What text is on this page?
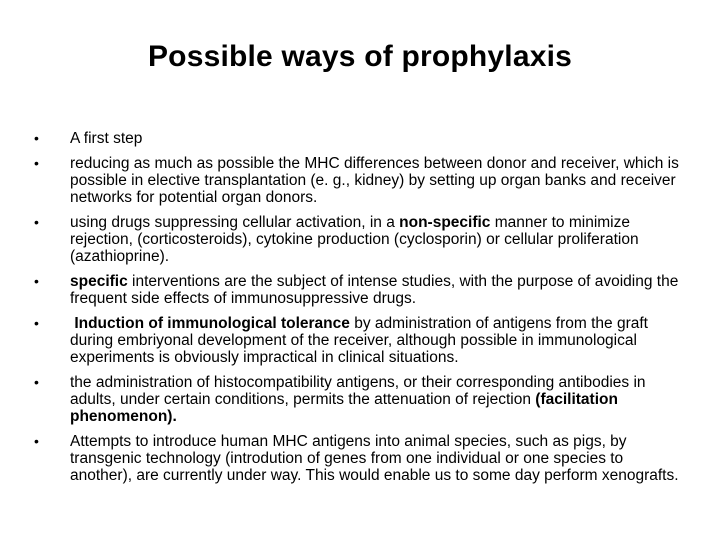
Possible ways of prophylaxis
•	A first step
•	reducing as much as possible the MHC differences between donor and receiver, which is possible in elective transplantation (e. g., kidney) by setting up organ banks and receiver networks for potential organ donors.
•	using drugs suppressing cellular activation, in a non-specific manner to minimize rejection, (corticosteroids), cytokine production (cyclosporin) or cellular proliferation (azathioprine).
•	specific interventions are the subject of intense studies, with the purpose of avoiding the frequent side effects of immunosuppressive drugs.
•	Induction of immunological tolerance by administration of antigens from the graft during embriyonal development of the receiver, although possible in immunological experiments is obviously impractical in clinical situations.
•	the administration of histocompatibility antigens, or their corresponding antibodies in adults, under certain conditions, permits the attenuation of rejection (facilitation phenomenon).
•	Attempts to introduce human MHC antigens into animal species, such as pigs, by transgenic technology (introdution of genes from one individual or one species to another), are currently under way. This would enable us to some day perform xenografts.
